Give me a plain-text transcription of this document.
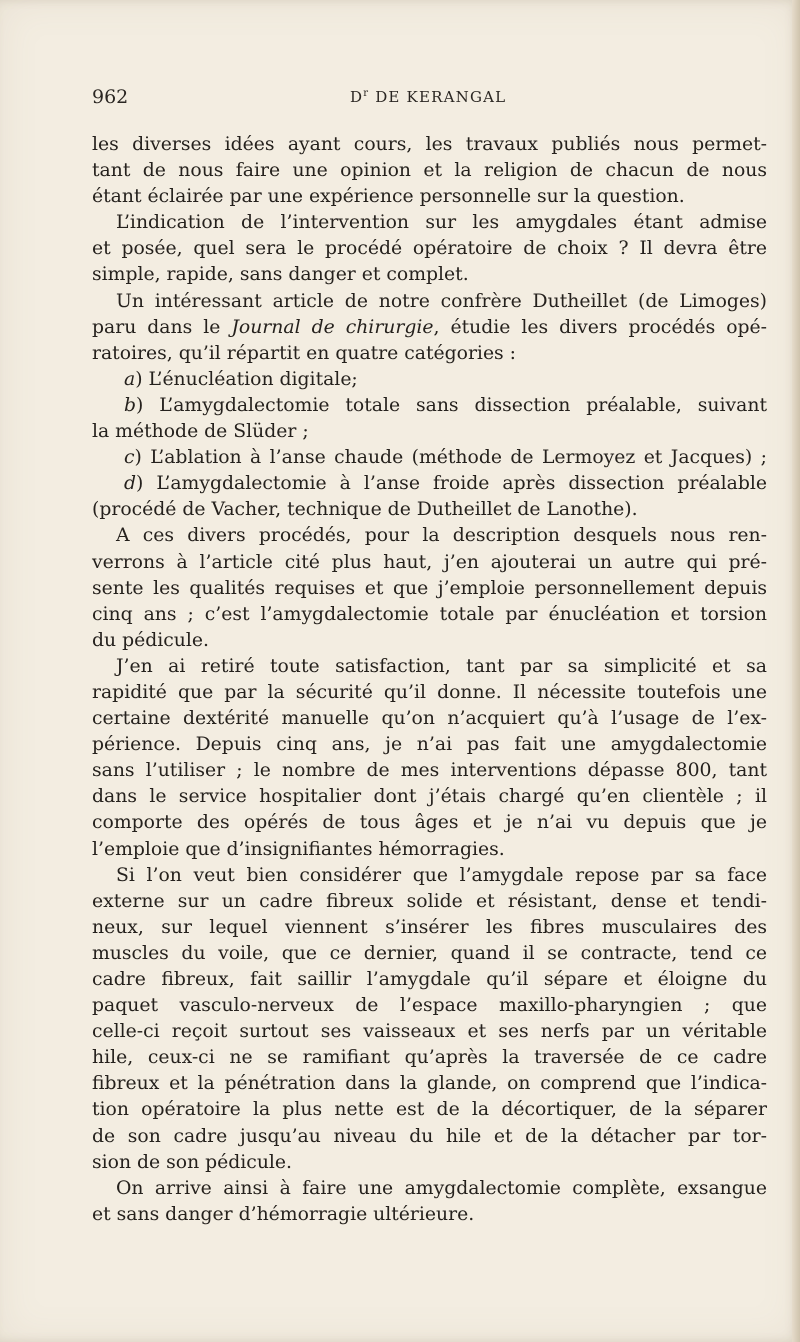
962	$D^r$ DE KERANGAL
les diverses idées ayant cours, les travaux publiés nous permet-
tant de nous faire une opinion et la religion de chacun de nous
étant éclairée par une expérience personnelle sur la question.
L’indication de l’intervention sur les amygdales étant admise
et posée, quel sera le procédé opératoire de choix ? Il devra être
simple, rapide, sans danger et complet.
Un intéressant article de notre confrère Dutheillet (de Limoges)
paru dans le Journal de chirurgie, étudie les divers procédés opé-
ratoires, qu’il répartit en quatre catégories :
a) L’énucléation digitale;
b) L’amygdalectomie totale sans dissection préalable, suivant
la méthode de Slüder ;
c) L’ablation à l’anse chaude (méthode de Lermoyez et Jacques) ;
d) L’amygdalectomie à l’anse froide après dissection préalable
(procédé de Vacher, technique de Dutheillet de Lanothe).
A ces divers procédés, pour la description desquels nous ren-
verrons à l’article cité plus haut, j’en ajouterai un autre qui pré-
sente les qualités requises et que j’emploie personnellement depuis
cinq ans ; c’est l’amygdalectomie totale par énucléation et torsion
du pédicule.
J’en ai retiré toute satisfaction, tant par sa simplicité et sa
rapidité que par la sécurité qu’il donne. Il nécessite toutefois une
certaine dextérité manuelle qu’on n’acquiert qu’à l’usage de l’ex-
périence. Depuis cinq ans, je n’ai pas fait une amygdalectomie
sans l’utiliser ; le nombre de mes interventions dépasse 800, tant
dans le service hospitalier dont j’étais chargé qu’en clientèle ; il
comporte des opérés de tous âges et je n’ai vu depuis que je
l’emploie que d’insignifiantes hémorragies.
Si l’on veut bien considérer que l’amygdale repose par sa face
externe sur un cadre fibreux solide et résistant, dense et tendi-
neux, sur lequel viennent s’insérer les fibres musculaires des
muscles du voile, que ce dernier, quand il se contracte, tend ce
cadre fibreux, fait saillir l’amygdale qu’il sépare et éloigne du
paquet vasculo-nerveux de l’espace maxillo-pharyngien ; que
celle-ci reçoit surtout ses vaisseaux et ses nerfs par un véritable
hile, ceux-ci ne se ramifiant qu’après la traversée de ce cadre
fibreux et la pénétration dans la glande, on comprend que l’indica-
tion opératoire la plus nette est de la décortiquer, de la séparer
de son cadre jusqu’au niveau du hile et de la détacher par tor-
sion de son pédicule.
On arrive ainsi à faire une amygdalectomie complète, exsangue
et sans danger d’hémorragie ultérieure.
